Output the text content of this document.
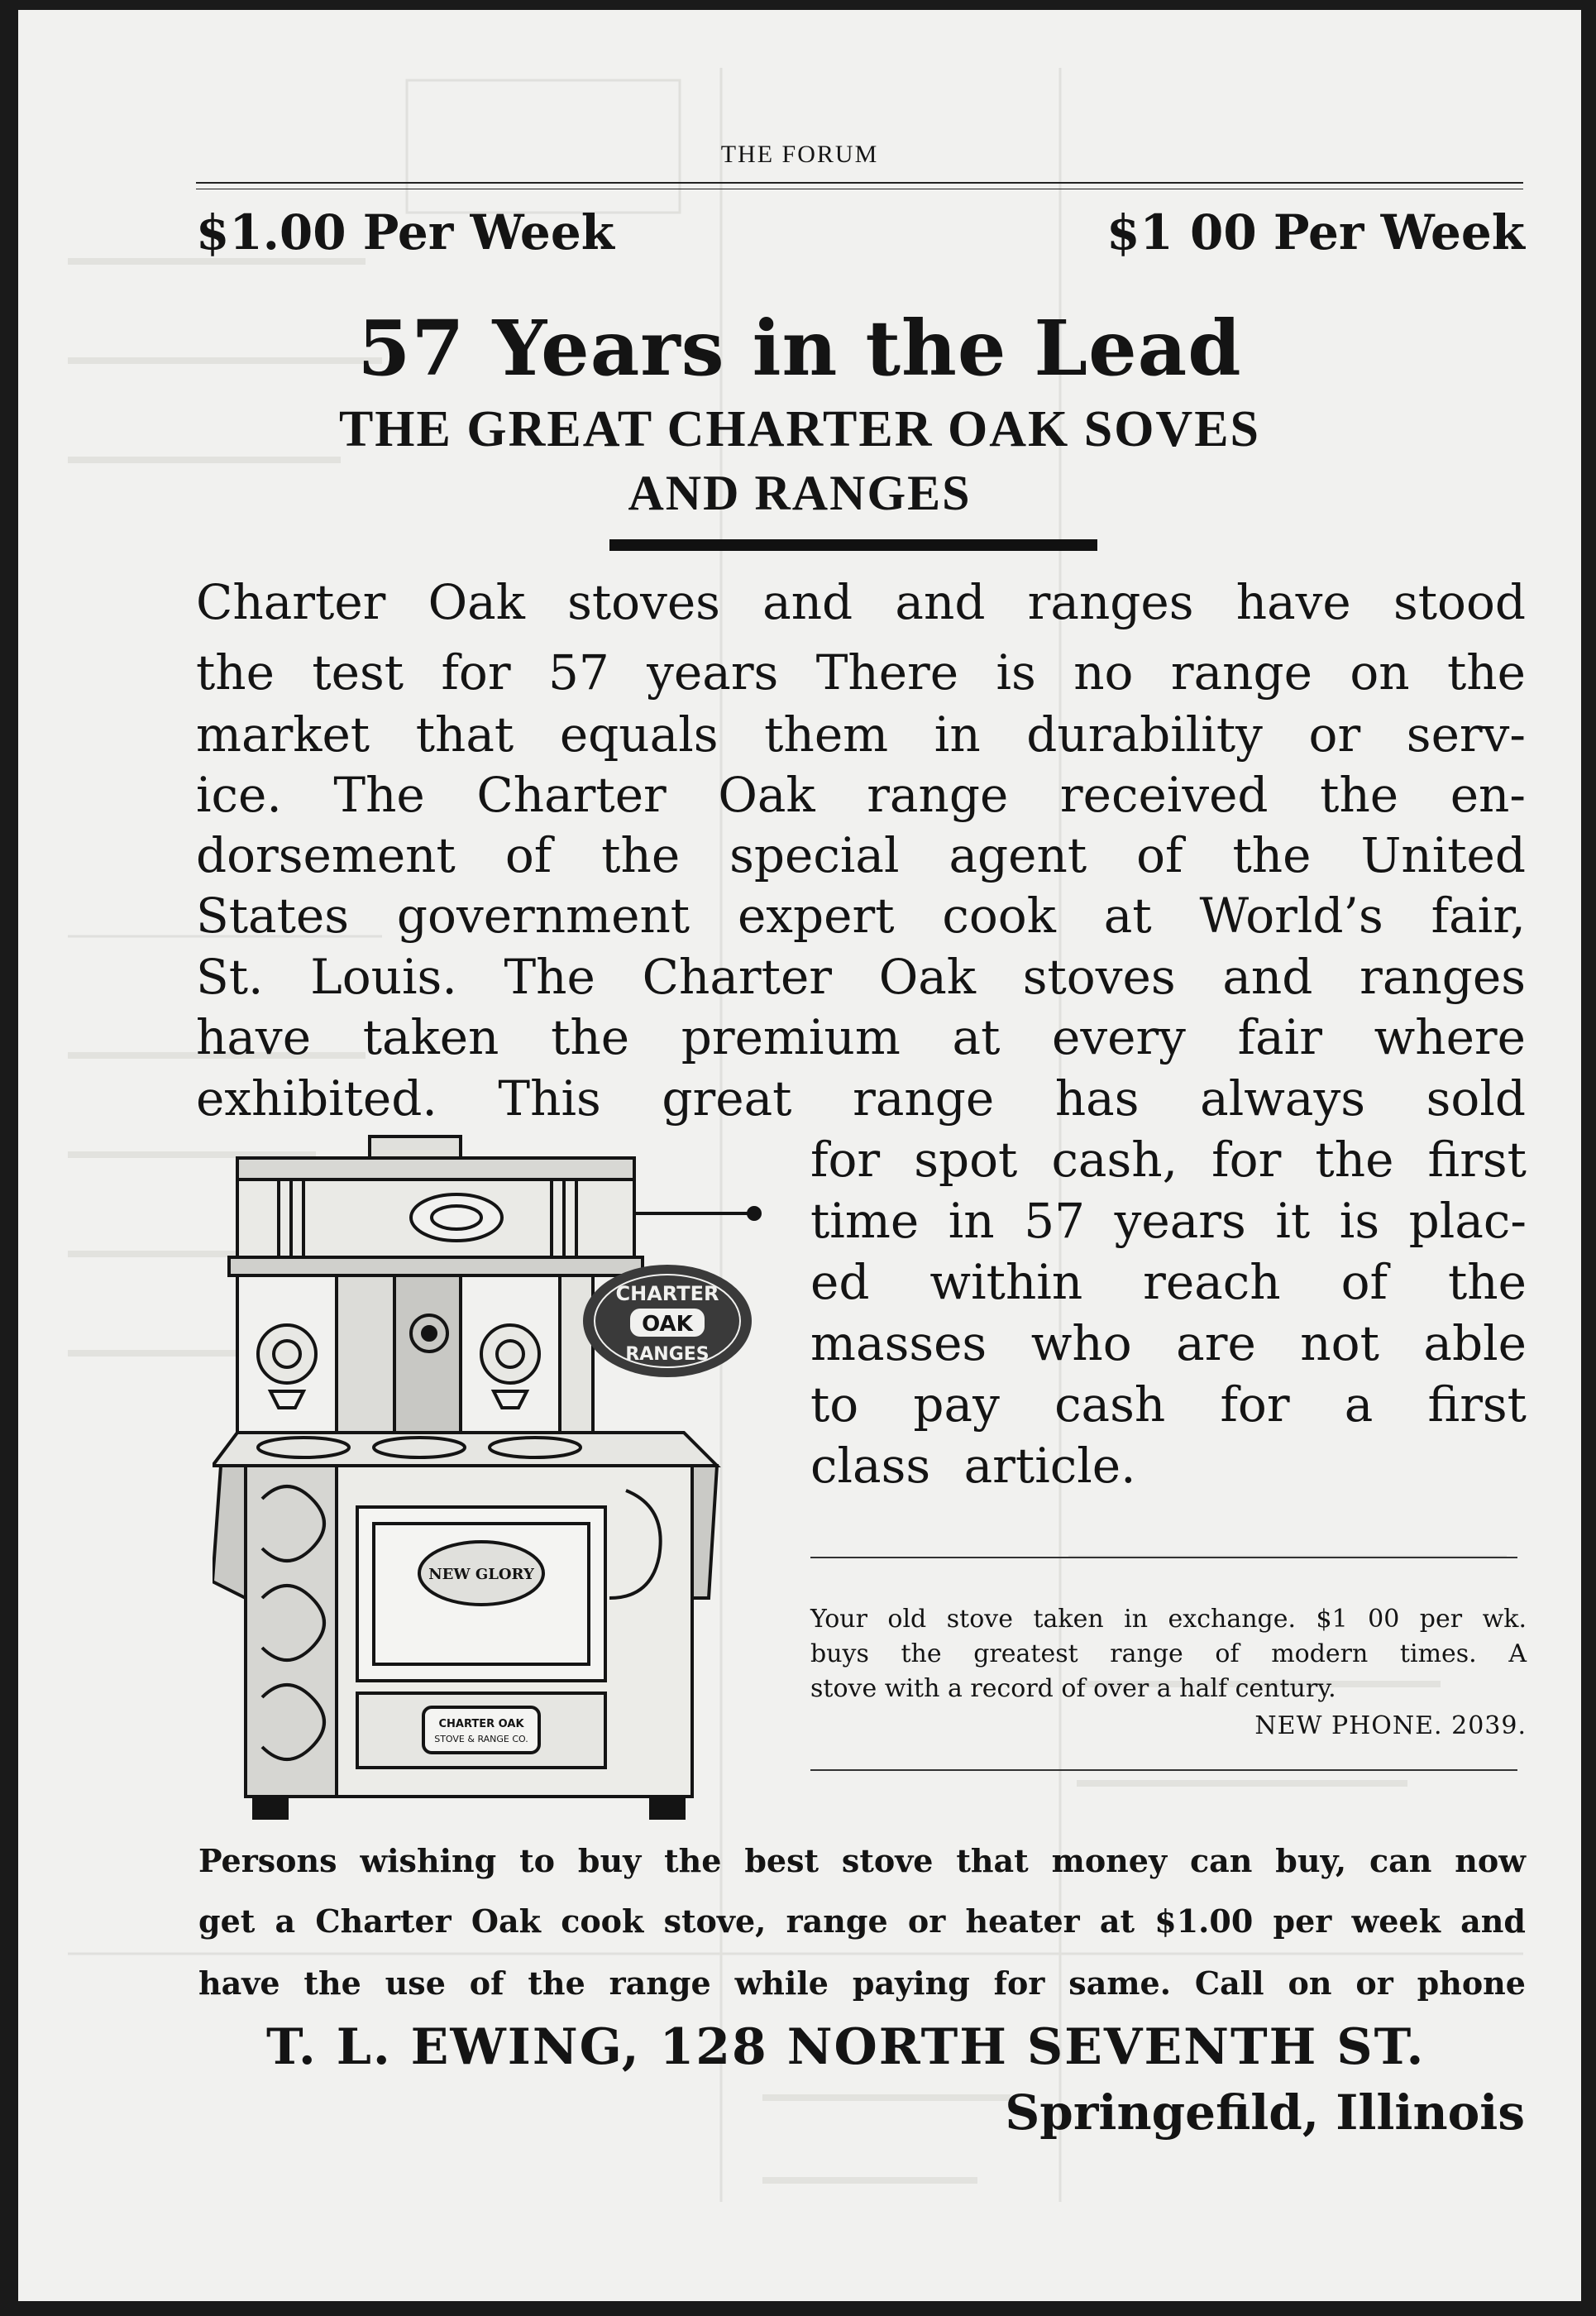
THE FORUM
$1.00 Per Week	$1 00 Per Week
57 Years in the Lead
THE GREAT CHARTER OAK SOVES
AND RANGES
Charter Oak stoves and and ranges have stood
the test for 57 years There is no range on the
market that equals them in durability or serv-
ice. The Charter Oak range received the en-
dorsement of the special agent of the United
States government expert cook at World’s fair,
St. Louis. The Charter Oak stoves and ranges
have taken the premium at every fair where
exhibited. This great range has always sold
for spot cash, for the first
time in 57 years it is plac-
ed within reach of the
masses who are not able
to pay cash for a first
class article.
CHARTER
OAK
RANGES
NEW GLORY
CHARTER OAK
STOVE & RANGE CO.
Your old stove taken in exchange. $1 00 per wk.
buys the greatest range of modern times. A
stove with a record of over a half century.
NEW PHONE. 2039.
Persons wishing to buy the best stove that money can buy, can now
get a Charter Oak cook stove, range or heater at $1.00 per week and
have the use of the range while paying for same. Call on or phone
T. L. EWING, 128 NORTH SEVENTH ST.
Springefild, Illinois
